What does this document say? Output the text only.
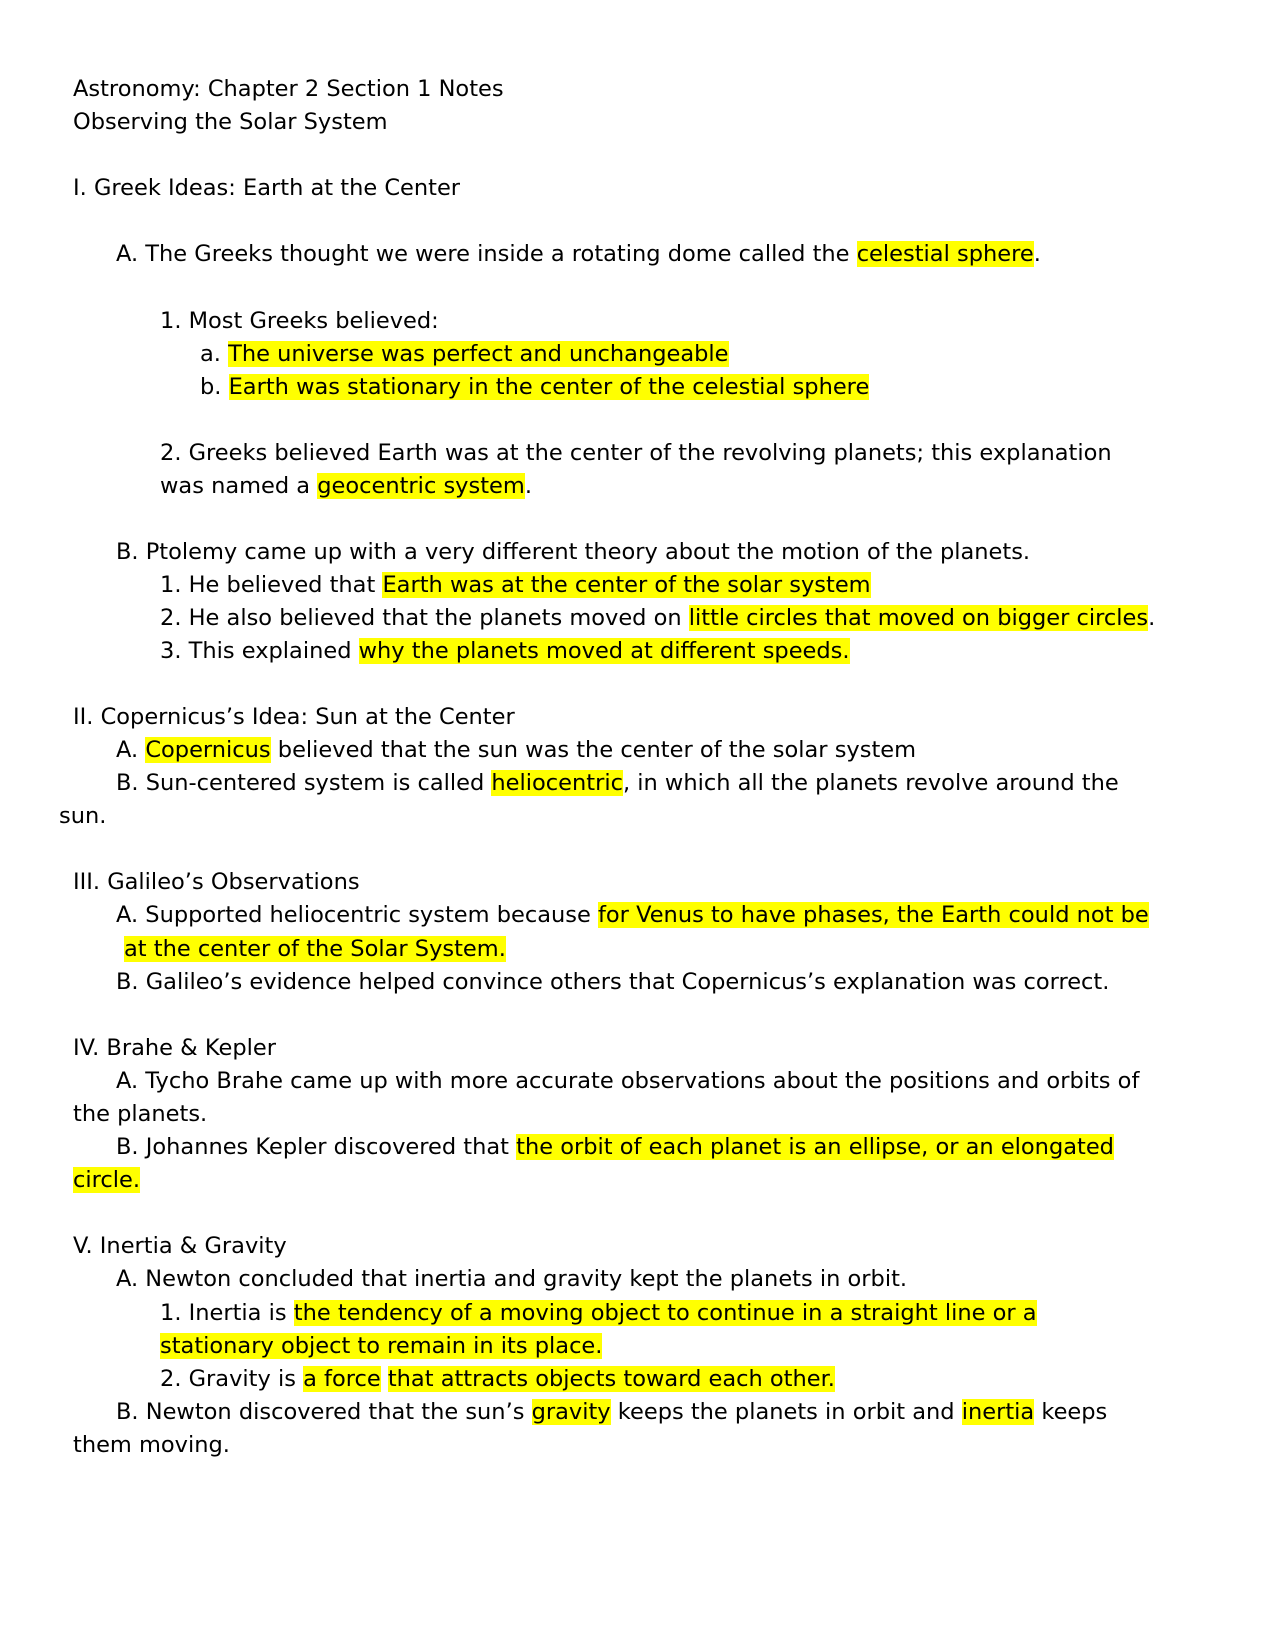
Astronomy: Chapter 2 Section 1 Notes

Observing the Solar System

I. Greek Ideas: Earth at the Center

A. The Greeks thought we were inside a rotating dome called the celestial sphere.

1. Most Greeks believed:

a. The universe was perfect and unchangeable

b. Earth was stationary in the center of the celestial sphere

2. Greeks believed Earth was at the center of the revolving planets; this explanation

was named a geocentric system.

B. Ptolemy came up with a very different theory about the motion of the planets.

1. He believed that Earth was at the center of the solar system

2. He also believed that the planets moved on little circles that moved on bigger circles.

3. This explained why the planets moved at different speeds.

II. Copernicus’s Idea: Sun at the Center

A. Copernicus believed that the sun was the center of the solar system

B. Sun-centered system is called heliocentric, in which all the planets revolve around the

sun.

III. Galileo’s Observations

A. Supported heliocentric system because for Venus to have phases, the Earth could not be

at the center of the Solar System.

B. Galileo’s evidence helped convince others that Copernicus’s explanation was correct.

IV. Brahe & Kepler

A. Tycho Brahe came up with more accurate observations about the positions and orbits of

the planets.

B. Johannes Kepler discovered that the orbit of each planet is an ellipse, or an elongated

circle.

V. Inertia & Gravity

A. Newton concluded that inertia and gravity kept the planets in orbit.

1. Inertia is the tendency of a moving object to continue in a straight line or a

stationary object to remain in its place.

2. Gravity is a force that attracts objects toward each other.

B. Newton discovered that the sun’s gravity keeps the planets in orbit and inertia keeps

them moving.
